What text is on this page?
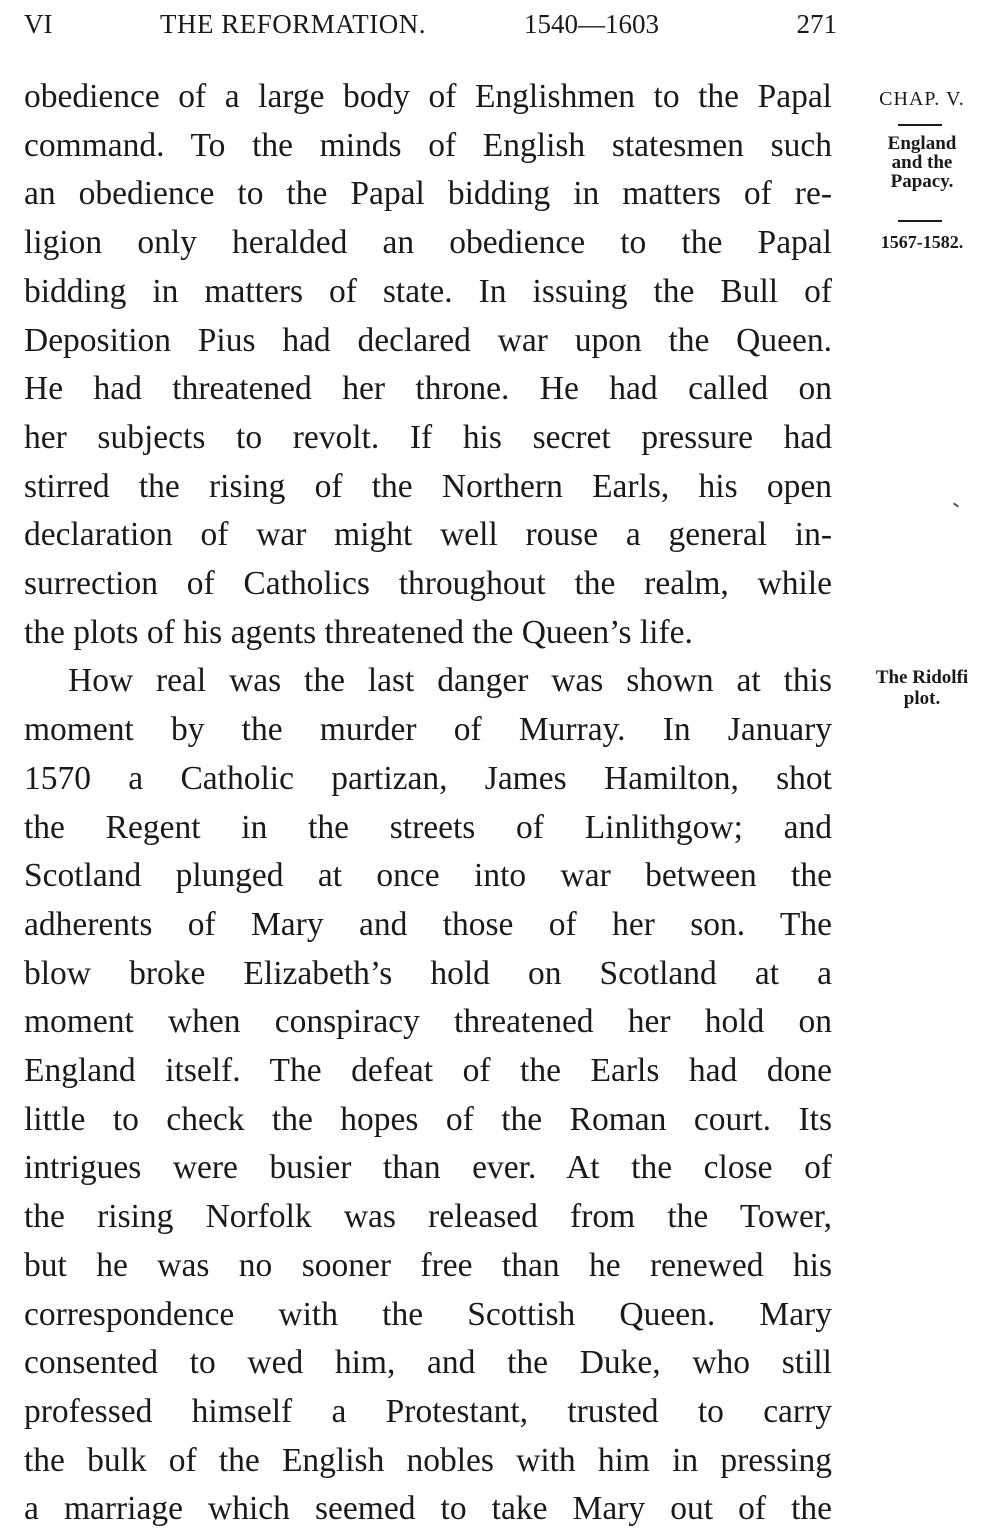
VI	THE REFORMATION.	1540—1603	271
obedience of a large body of Englishmen to the Papal
command. To the minds of English statesmen such
an obedience to the Papal bidding in matters of re-
ligion only heralded an obedience to the Papal
bidding in matters of state. In issuing the Bull of
Deposition Pius had declared war upon the Queen.
He had threatened her throne. He had called on
her subjects to revolt. If his secret pressure had
stirred the rising of the Northern Earls, his open
declaration of war might well rouse a general in-
surrection of Catholics throughout the realm, while
the plots of his agents threatened the Queen’s life.
How real was the last danger was shown at this
moment by the murder of Murray. In January
1570 a Catholic partizan, James Hamilton, shot
the Regent in the streets of Linlithgow; and
Scotland plunged at once into war between the
adherents of Mary and those of her son. The
blow broke Elizabeth’s hold on Scotland at a
moment when conspiracy threatened her hold on
England itself. The defeat of the Earls had done
little to check the hopes of the Roman court. Its
intrigues were busier than ever. At the close of
the rising Norfolk was released from the Tower,
but he was no sooner free than he renewed his
correspondence with the Scottish Queen. Mary
consented to wed him, and the Duke, who still
professed himself a Protestant, trusted to carry
the bulk of the English nobles with him in pressing
a marriage which seemed to take Mary out of the
CHAP. V.
England
and the
Papacy.
1567-1582.
The Ridolfi
plot.
